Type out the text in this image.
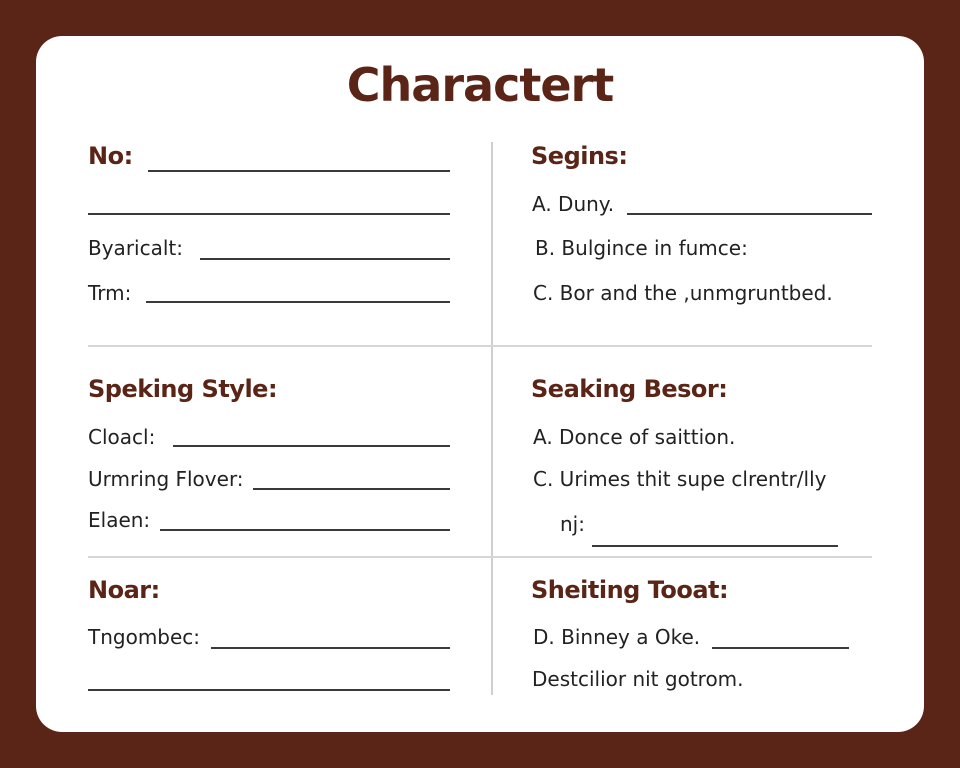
Charactert
No:
Byaricalt:
Trm:
Segins:
A. Duny.
B. Bulgince in fumce:
C. Bor and the ,unmgruntbed.
Speking Style:
Cloacl:
Urmring Flover:
Elaen:
Seaking Besor:
A. Donce of saittion.
C. Urimes thit supe clrentr/lly
nj:
Noar:
Tngombec:
Sheiting Tooat:
D. Binney a Oke.
Destcilior nit gotrom.
